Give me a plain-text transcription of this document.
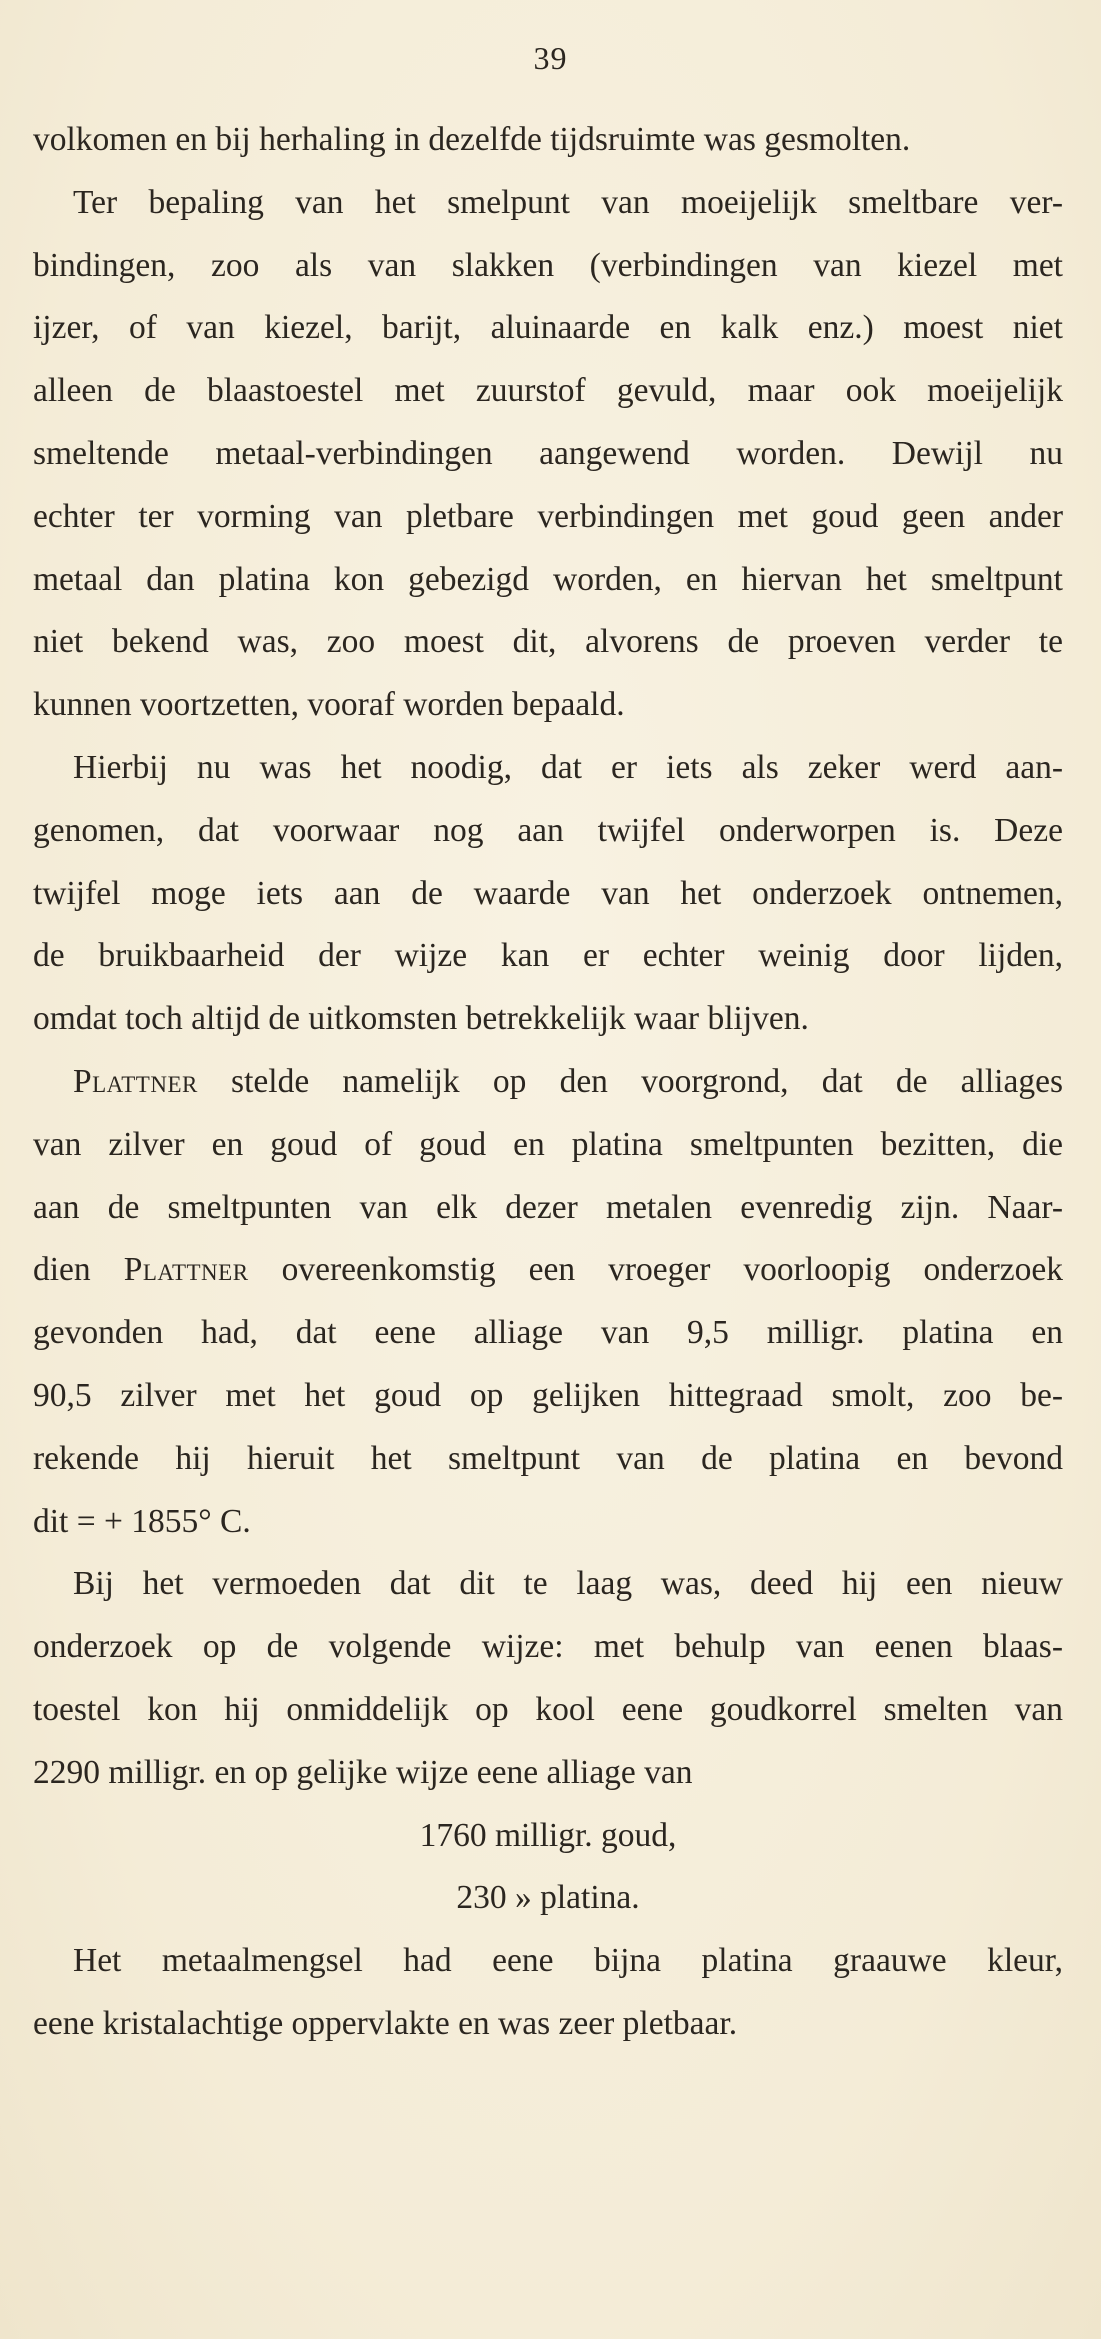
39
volkomen en bij herhaling in dezelfde tijdsruimte was gesmolten.
Ter bepaling van het smelpunt van moeijelijk smeltbare ver-
bindingen, zoo als van slakken (verbindingen van kiezel met
ijzer, of van kiezel, barijt, aluinaarde en kalk enz.) moest niet
alleen de blaastoestel met zuurstof gevuld, maar ook moeijelijk
smeltende metaal-verbindingen aangewend worden. Dewijl nu
echter ter vorming van pletbare verbindingen met goud geen ander
metaal dan platina kon gebezigd worden, en hiervan het smeltpunt
niet bekend was, zoo moest dit, alvorens de proeven verder te
kunnen voortzetten, vooraf worden bepaald.
Hierbij nu was het noodig, dat er iets als zeker werd aan-
genomen, dat voorwaar nog aan twijfel onderworpen is. Deze
twijfel moge iets aan de waarde van het onderzoek ontnemen,
de bruikbaarheid der wijze kan er echter weinig door lijden,
omdat toch altijd de uitkomsten betrekkelijk waar blijven.
Plattner stelde namelijk op den voorgrond, dat de alliages
van zilver en goud of goud en platina smeltpunten bezitten, die
aan de smeltpunten van elk dezer metalen evenredig zijn. Naar-
dien Plattner overeenkomstig een vroeger voorloopig onderzoek
gevonden had, dat eene alliage van 9,5 milligr. platina en
90,5 zilver met het goud op gelijken hittegraad smolt, zoo be-
rekende hij hieruit het smeltpunt van de platina en bevond
dit = + 1855° C.
Bij het vermoeden dat dit te laag was, deed hij een nieuw
onderzoek op de volgende wijze: met behulp van eenen blaas-
toestel kon hij onmiddelijk op kool eene goudkorrel smelten van
2290 milligr. en op gelijke wijze eene alliage van
1760 milligr. goud,
230 » platina.
Het metaalmengsel had eene bijna platina graauwe kleur,
eene kristalachtige oppervlakte en was zeer pletbaar.
